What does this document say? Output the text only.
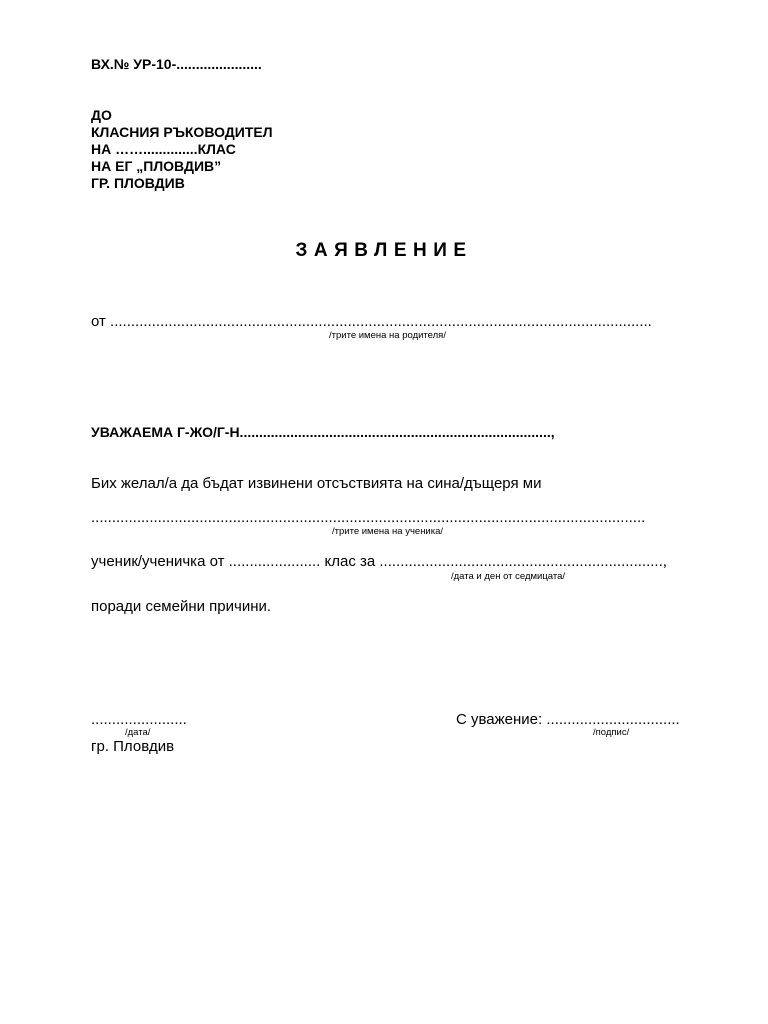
ВХ.№ УР-10-......................
ДО
КЛАСНИЯ РЪКОВОДИТЕЛ
НА ……..............КЛАС
НА ЕГ „ПЛОВДИВ”
ГР. ПЛОВДИВ
ЗАЯВЛЕНИЕ
от ..................................................................................................................................
/трите имена на родителя/
УВАЖАЕМА Г-ЖО/Г-Н................................................................................,
Бих желал/а да бъдат извинени отсъствията на сина/дъщеря ми
.....................................................................................................................................
/трите имена на ученика/
ученик/ученичка от ...................... клас за ....................................................................,
/дата и ден от седмицата/
поради семейни причини.
.......................
/дата/
С уважение: ................................
/подпис/
гр. Пловдив
